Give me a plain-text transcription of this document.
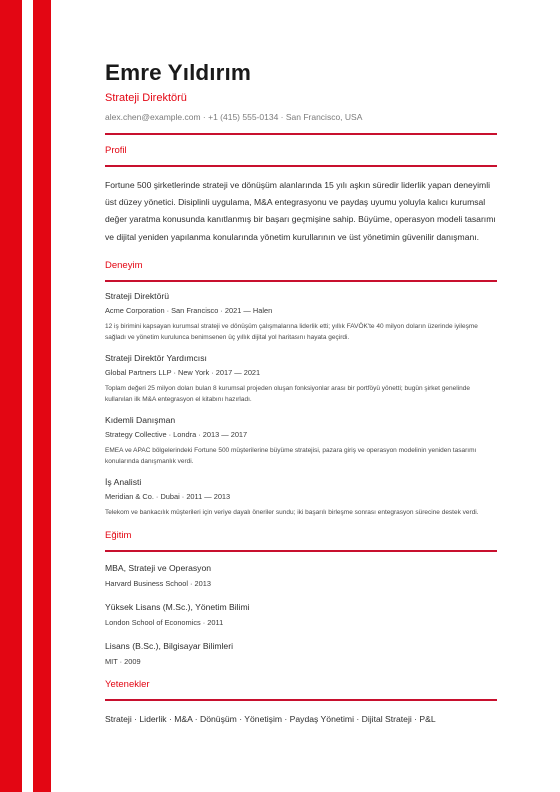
Emre Yıldırım
Strateji Direktörü
alex.chen@example.com · +1 (415) 555-0134 · San Francisco, USA
Profil
Fortune 500 şirketlerinde strateji ve dönüşüm alanlarında 15 yılı aşkın süredir liderlik yapan deneyimli üst düzey yönetici. Disiplinli uygulama, M&A entegrasyonu ve paydaş uyumu yoluyla kalıcı kurumsal değer yaratma konusunda kanıtlanmış bir başarı geçmişine sahip. Büyüme, operasyon modeli tasarımı ve dijital yeniden yapılanma konularında yönetim kurullarının ve üst yönetimin güvenilir danışmanı.
Deneyim
Strateji Direktörü
Acme Corporation · San Francisco · 2021 — Halen
12 iş birimini kapsayan kurumsal strateji ve dönüşüm çalışmalarına liderlik etti; yıllık FAVÖK'te 40 milyon doların üzerinde iyileşme sağladı ve yönetim kurulunca benimsenen üç yıllık dijital yol haritasını hayata geçirdi.
Strateji Direktör Yardımcısı
Global Partners LLP · New York · 2017 — 2021
Toplam değeri 25 milyon doları bulan 8 kurumsal projeden oluşan fonksiyonlar arası bir portföyü yönetti; bugün şirket genelinde kullanılan ilk M&A entegrasyon el kitabını hazırladı.
Kıdemli Danışman
Strategy Collective · Londra · 2013 — 2017
EMEA ve APAC bölgelerindeki Fortune 500 müşterilerine büyüme stratejisi, pazara giriş ve operasyon modelinin yeniden tasarımı konularında danışmanlık verdi.
İş Analisti
Meridian & Co. · Dubai · 2011 — 2013
Telekom ve bankacılık müşterileri için veriye dayalı öneriler sundu; iki başarılı birleşme sonrası entegrasyon sürecine destek verdi.
Eğitim
MBA, Strateji ve Operasyon
Harvard Business School · 2013
Yüksek Lisans (M.Sc.), Yönetim Bilimi
London School of Economics · 2011
Lisans (B.Sc.), Bilgisayar Bilimleri
MIT · 2009
Yetenekler
Strateji · Liderlik · M&A · Dönüşüm · Yönetişim · Paydaş Yönetimi · Dijital Strateji · P&L
